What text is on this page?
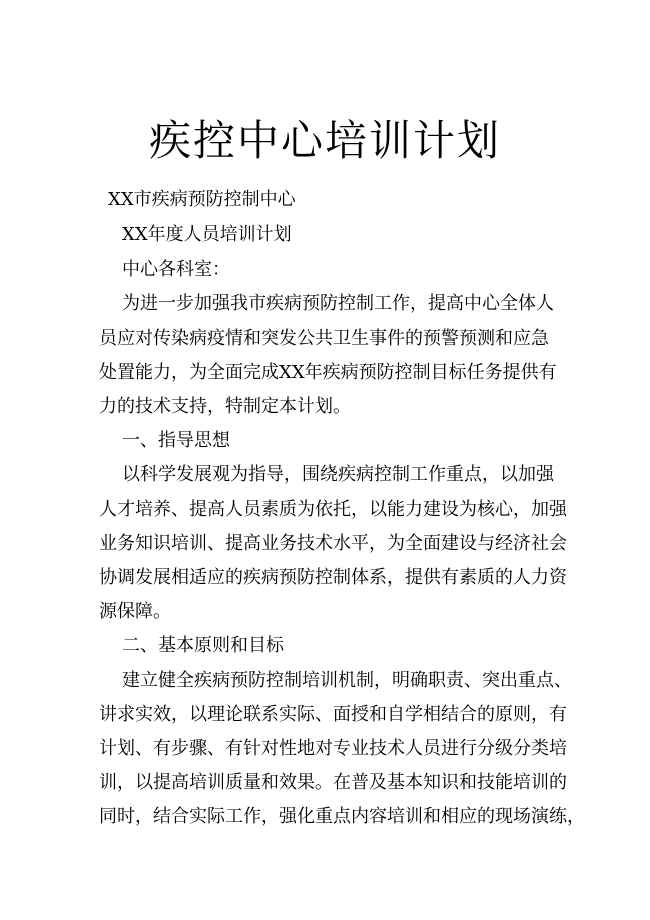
疾控中心培训计划
XX市疾病预防控制中心
XX年度人员培训计划
中心各科室：
为进一步加强我市疾病预防控制工作，提高中心全体人
员应对传染病疫情和突发公共卫生事件的预警预测和应急
处置能力，为全面完成XX年疾病预防控制目标任务提供有
力的技术支持，特制定本计划。
一、指导思想
以科学发展观为指导，围绕疾病控制工作重点，以加强
人才培养、提高人员素质为依托，以能力建设为核心，加强
业务知识培训、提高业务技术水平，为全面建设与经济社会
协调发展相适应的疾病预防控制体系，提供有素质的人力资
源保障。
二、基本原则和目标
建立健全疾病预防控制培训机制，明确职责、突出重点、
讲求实效，以理论联系实际、面授和自学相结合的原则，有
计划、有步骤、有针对性地对专业技术人员进行分级分类培
训，以提高培训质量和效果。在普及基本知识和技能培训的
同时，结合实际工作，强化重点内容培训和相应的现场演练，
